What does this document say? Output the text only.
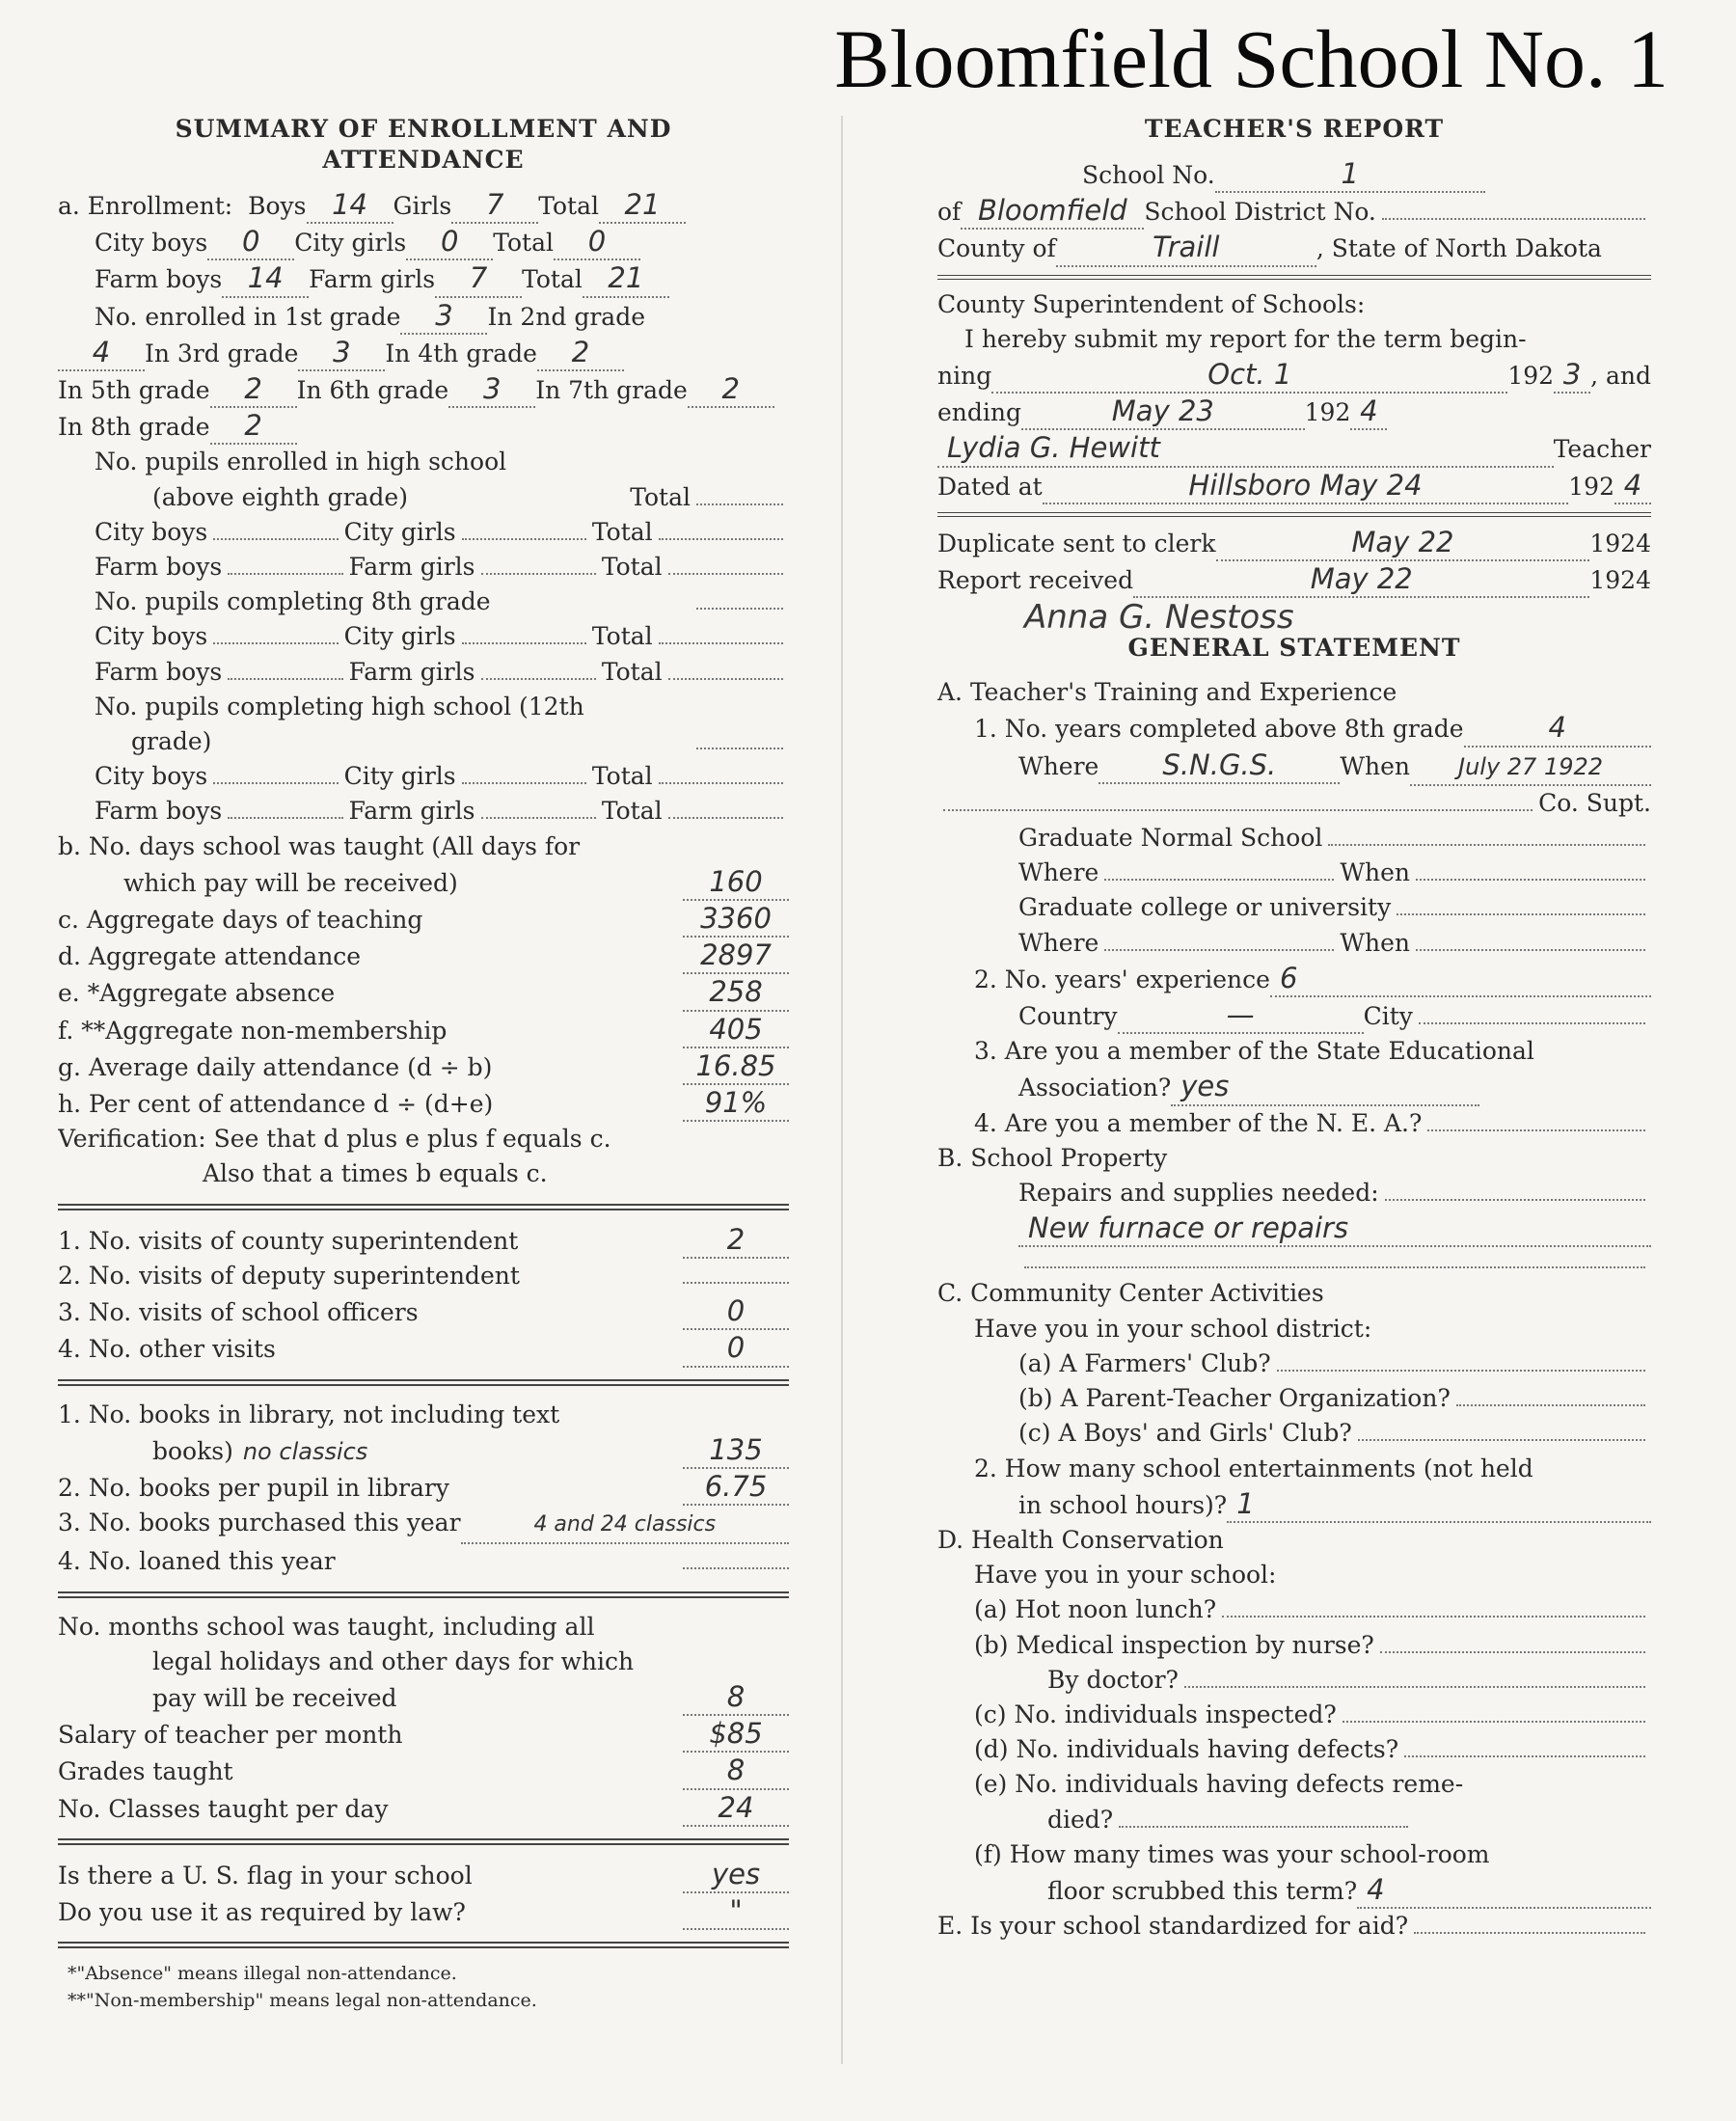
Bloomfield School No. 1
SUMMARY OF ENROLLMENT AND
ATTENDANCE
a. Enrollment:
Boys 14	Girls	7	Total 21
City boys	0	City girls	0	Total	0
Farm boys 14	Farm girls	7	Total 21
No. enrolled in 1st grade	3	In 2nd grade
4	In 3rd grade	3	In 4th grade	2
In 5th grade	2	In 6th grade	3	In 7th grade	2
In 8th grade	2
No. pupils enrolled in high school
(above eighth grade)	Total
City boys	City girls	Total
Farm boys	Farm girls	Total
No. pupils completing 8th grade
City boys	City girls	Total
Farm boys	Farm girls	Total
No. pupils completing high school (12th
grade)
City boys	City girls	Total
Farm boys	Farm girls	Total
b. No. days school was taught (All days for
which pay will be received)	160
c. Aggregate days of teaching	3360
d. Aggregate attendance	2897
e. *Aggregate absence	258
f. **Aggregate non-membership	405
g. Average daily attendance (d ÷ b)	16.85
h. Per cent of attendance d ÷ (d+e)	91%
Verification: See that d plus e plus f equals c.
Also that a times b equals c.
1. No. visits of county superintendent	2
2. No. visits of deputy superintendent
3. No. visits of school officers	0
4. No. other visits	0
1. No. books in library, not including text
books) no classics	135
2. No. books per pupil in library	6.75
3. No. books purchased this year	4 and 24 classics
4. No. loaned this year
No. months school was taught, including all
legal holidays and other days for which
pay will be received	8
Salary of teacher per month	$85
Grades taught	8
No. Classes taught per day	24
Is there a U. S. flag in your school	yes
Do you use it as required by law?	"
*"Absence" means illegal non-attendance.
**"Non-membership" means legal non-attendance.
TEACHER'S REPORT
School No.	1
of Bloomfield School District No.
County of	Traill	, State of North Dakota
County Superintendent of Schools:
I hereby submit my report for the term begin-
ning	Oct. 1	192 3 , and
ending	May 23	192 4
Lydia G. Hewitt	Teacher
Dated at	Hillsboro May 24	192 4
Duplicate sent to clerk	May 22	1924
Report received	May 22	1924
Anna G. Nestoss
GENERAL STATEMENT
A. Teacher's Training and Experience
1. No. years completed above 8th grade	4
Where	S.N.G.S.	When	July 27 1922
Co. Supt.
Graduate Normal School
Where	When
Graduate college or university
Where	When
2. No. years' experience 6
Country	—	City
3. Are you a member of the State Educational
Association? yes
4. Are you a member of the N. E. A.?
B. School Property
Repairs and supplies needed:
New furnace or repairs
C. Community Center Activities
Have you in your school district:
(a) A Farmers' Club?
(b) A Parent-Teacher Organization?
(c) A Boys' and Girls' Club?
2. How many school entertainments (not held
in school hours)? 1
D. Health Conservation
Have you in your school:
(a) Hot noon lunch?
(b) Medical inspection by nurse?
By doctor?
(c) No. individuals inspected?
(d) No. individuals having defects?
(e) No. individuals having defects reme-
died?
(f) How many times was your school-room
floor scrubbed this term? 4
E. Is your school standardized for aid?
